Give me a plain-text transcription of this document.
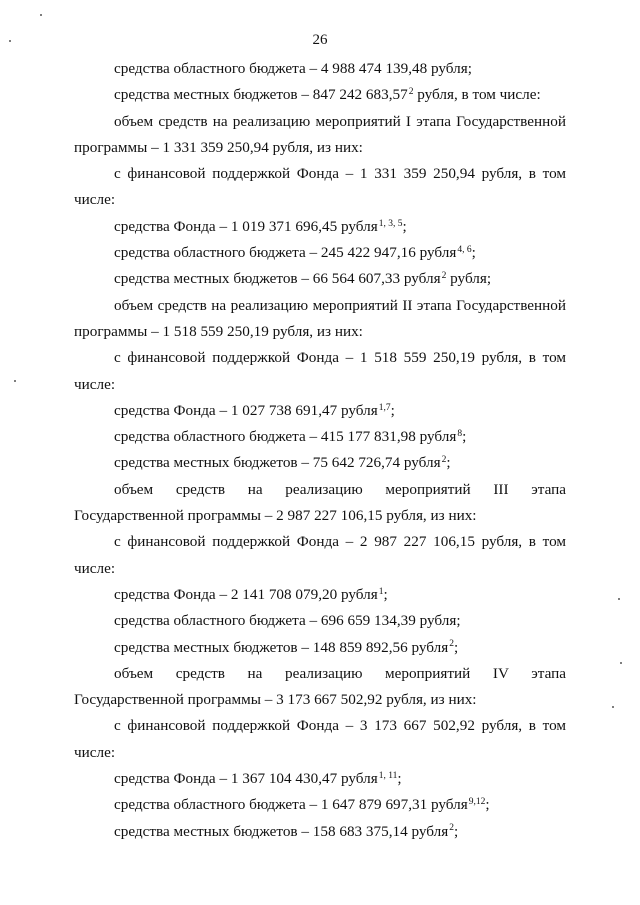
26
средства областного бюджета – 4 988 474 139,48 рубля;
средства местных бюджетов – 847 242 683,57$^2$ рубля, в том числе:
объем средств на реализацию мероприятий I этапа Государственной
программы – 1 331 359 250,94 рубля, из них:
с финансовой поддержкой Фонда – 1 331 359 250,94 рубля, в том
числе:
средства Фонда – 1 019 371 696,45 рубля$^{1, 3, 5}$;
средства областного бюджета – 245 422 947,16 рубля$^{4, 6}$;
средства местных бюджетов – 66 564 607,33 рубля$^2$ рубля;
объем средств на реализацию мероприятий II этапа Государственной
программы – 1 518 559 250,19 рубля, из них:
с финансовой поддержкой Фонда – 1 518 559 250,19 рубля, в том
числе:
средства Фонда – 1 027 738 691,47 рубля$^{1,7}$;
средства областного бюджета – 415 177 831,98 рубля$^8$;
средства местных бюджетов – 75 642 726,74 рубля$^2$;
объем средств на реализацию мероприятий III этапа
Государственной программы – 2 987 227 106,15 рубля, из них:
с финансовой поддержкой Фонда – 2 987 227 106,15 рубля, в том
числе:
средства Фонда – 2 141 708 079,20 рубля$^1$;
средства областного бюджета – 696 659 134,39 рубля;
средства местных бюджетов – 148 859 892,56 рубля$^2$;
объем средств на реализацию мероприятий IV этапа
Государственной программы – 3 173 667 502,92 рубля, из них:
с финансовой поддержкой Фонда – 3 173 667 502,92 рубля, в том
числе:
средства Фонда – 1 367 104 430,47 рубля$^{1, 11}$;
средства областного бюджета – 1 647 879 697,31 рубля$^{9,12}$;
средства местных бюджетов – 158 683 375,14 рубля$^2$;
